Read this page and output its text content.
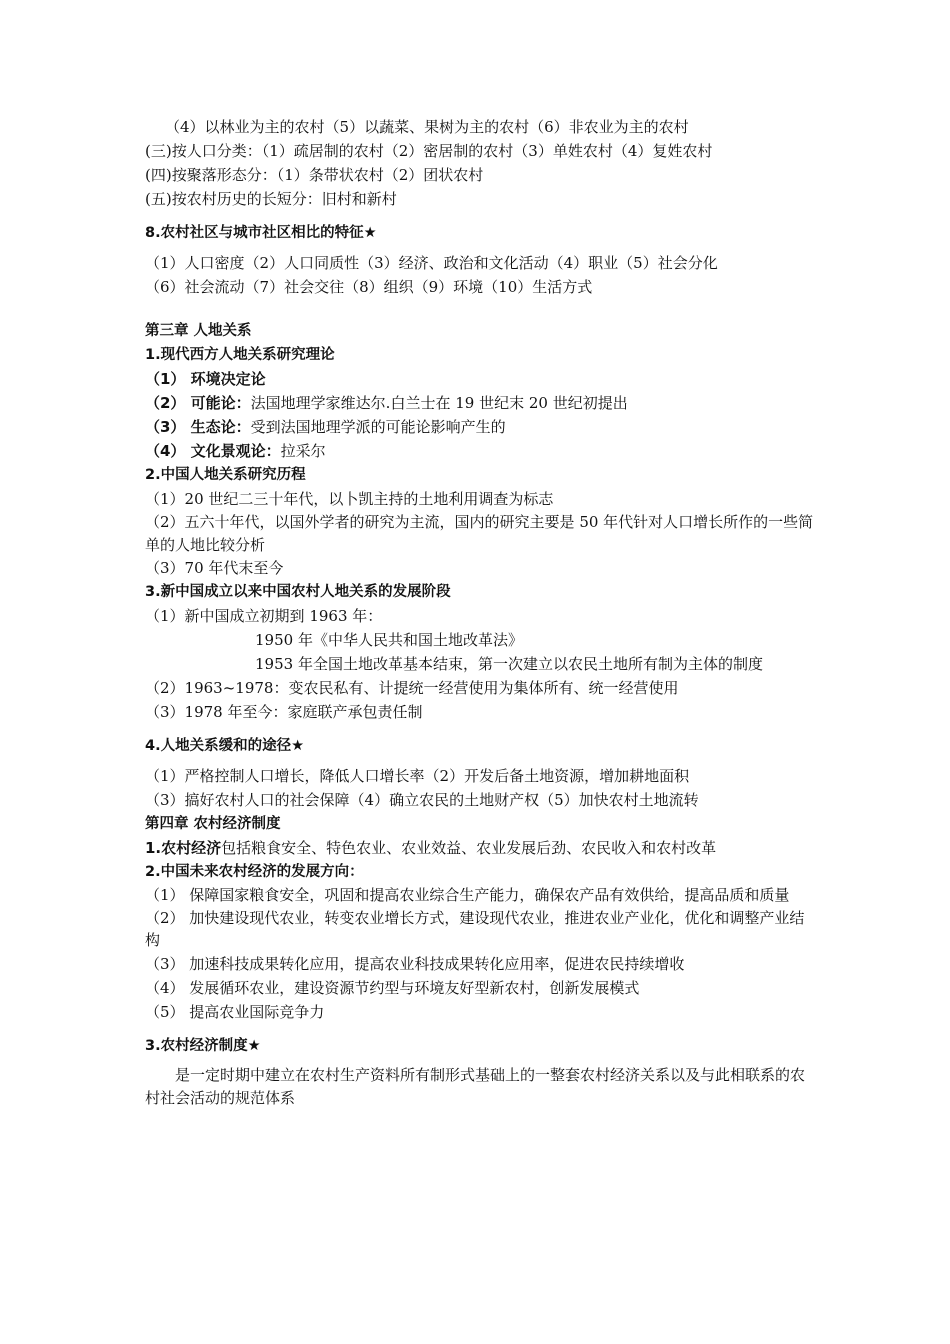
（4）以林业为主的农村（5）以蔬菜、果树为主的农村（6）非农业为主的农村
(三)按人口分类：（1）疏居制的农村（2）密居制的农村（3）单姓农村（4）复姓农村
(四)按聚落形态分：（1）条带状农村（2）团状农村
(五)按农村历史的长短分：旧村和新村
8.农村社区与城市社区相比的特征★
（1）人口密度（2）人口同质性（3）经济、政治和文化活动（4）职业（5）社会分化
（6）社会流动（7）社会交往（8）组织（9）环境（10）生活方式
第三章 人地关系
1.现代西方人地关系研究理论
（1） 环境决定论
（2） 可能论：法国地理学家维达尔.白兰士在 19 世纪末 20 世纪初提出
（3） 生态论：受到法国地理学派的可能论影响产生的
（4） 文化景观论：拉采尔
2.中国人地关系研究历程
（1）20 世纪二三十年代，以卜凯主持的土地利用调查为标志
（2）五六十年代，以国外学者的研究为主流，国内的研究主要是 50 年代针对人口增长所作的一些简单的人地比较分析
（3）70 年代末至今
3.新中国成立以来中国农村人地关系的发展阶段
（1）新中国成立初期到 1963 年：
1950 年《中华人民共和国土地改革法》
1953 年全国土地改革基本结束，第一次建立以农民土地所有制为主体的制度
（2）1963~1978：变农民私有、计提统一经营使用为集体所有、统一经营使用
（3）1978 年至今：家庭联产承包责任制
4.人地关系缓和的途径★
（1）严格控制人口增长，降低人口增长率（2）开发后备土地资源，增加耕地面积
（3）搞好农村人口的社会保障（4）确立农民的土地财产权（5）加快农村土地流转
第四章 农村经济制度
1.农村经济包括粮食安全、特色农业、农业效益、农业发展后劲、农民收入和农村改革
2.中国未来农村经济的发展方向：
（1） 保障国家粮食安全，巩固和提高农业综合生产能力，确保农产品有效供给，提高品质和质量
（2） 加快建设现代农业，转变农业增长方式，建设现代农业，推进农业产业化，优化和调整产业结构
（3） 加速科技成果转化应用，提高农业科技成果转化应用率，促进农民持续增收
（4） 发展循环农业，建设资源节约型与环境友好型新农村，创新发展模式
（5） 提高农业国际竞争力
3.农村经济制度★
是一定时期中建立在农村生产资料所有制形式基础上的一整套农村经济关系以及与此相联系的农村社会活动的规范体系
